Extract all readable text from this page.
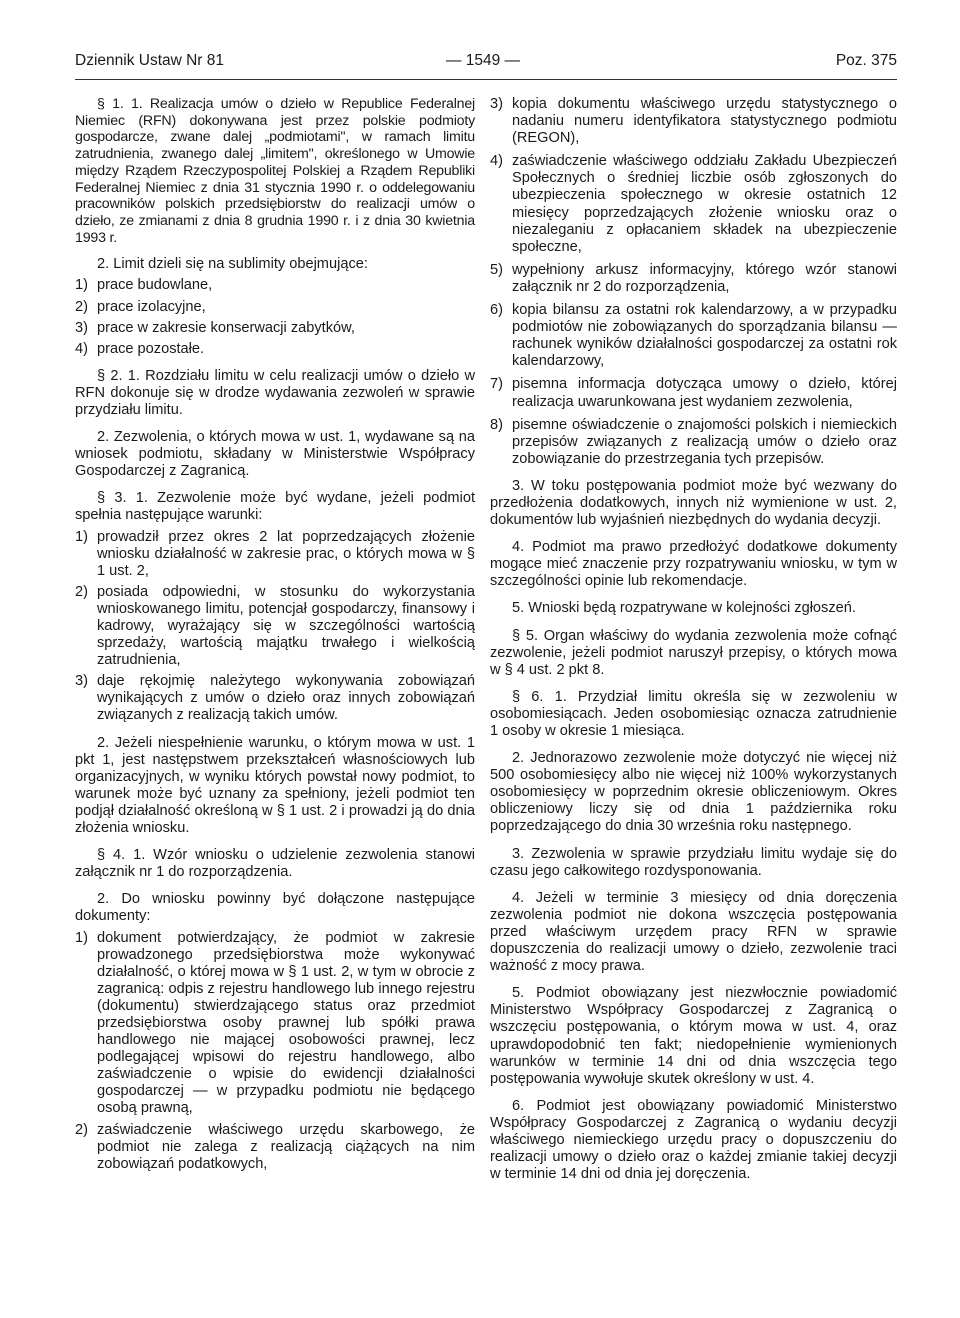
Dziennik Ustaw Nr 81	— 1549 —	Poz. 375

§ 1. 1. Realizacja umów o dzieło w Republice Federalnej Niemiec (RFN) dokonywana jest przez polskie podmioty gospodarcze, zwane dalej „podmiotami", w ramach limitu zatrudnienia, zwanego dalej „limitem", określonego w Umowie między Rządem Rzeczypospolitej Polskiej a Rządem Republiki Federalnej Niemiec z dnia 31 stycznia 1990 r. o oddelegowaniu pracowników polskich przedsiębiorstw do realizacji umów o dzieło, ze zmianami z dnia 8 grudnia 1990 r. i z dnia 30 kwietnia 1993 r.

2. Limit dzieli się na sublimity obejmujące:

1) prace budowlane,
2) prace izolacyjne,
3) prace w zakresie konserwacji zabytków,
4) prace pozostałe.

§ 2. 1. Rozdziału limitu w celu realizacji umów o dzieło w RFN dokonuje się w drodze wydawania zezwoleń w sprawie przydziału limitu.

2. Zezwolenia, o których mowa w ust. 1, wydawane są na wniosek podmiotu, składany w Ministerstwie Współpracy Gospodarczej z Zagranicą.

§ 3. 1. Zezwolenie może być wydane, jeżeli podmiot spełnia następujące warunki:

1) prowadził przez okres 2 lat poprzedzających złożenie wniosku działalność w zakresie prac, o których mowa w § 1 ust. 2,
2) posiada odpowiedni, w stosunku do wykorzystania wnioskowanego limitu, potencjał gospodarczy, finansowy i kadrowy, wyrażający się w szczególności wartością sprzedaży, wartością majątku trwałego i wielkością zatrudnienia,
3) daje rękojmię należytego wykonywania zobowiązań wynikających z umów o dzieło oraz innych zobowiązań związanych z realizacją takich umów.

2. Jeżeli niespełnienie warunku, o którym mowa w ust. 1 pkt 1, jest następstwem przekształceń własnościowych lub organizacyjnych, w wyniku których powstał nowy podmiot, to warunek może być uznany za spełniony, jeżeli podmiot ten podjął działalność określoną w § 1 ust. 2 i prowadzi ją do dnia złożenia wniosku.

§ 4. 1. Wzór wniosku o udzielenie zezwolenia stanowi załącznik nr 1 do rozporządzenia.

2. Do wniosku powinny być dołączone następujące dokumenty:

1) dokument potwierdzający, że podmiot w zakresie prowadzonego przedsiębiorstwa może wykonywać działalność, o której mowa w § 1 ust. 2, w tym w obrocie z zagranicą: odpis z rejestru handlowego lub innego rejestru (dokumentu) stwierdzającego status oraz przedmiot przedsiębiorstwa osoby prawnej lub spółki prawa handlowego nie mającej osobowości prawnej, lecz podlegającej wpisowi do rejestru handlowego, albo zaświadczenie o wpisie do ewidencji działalności gospodarczej — w przypadku podmiotu nie będącego osobą prawną,
2) zaświadczenie właściwego urzędu skarbowego, że podmiot nie zalega z realizacją ciążących na nim zobowiązań podatkowych,
3) kopia dokumentu właściwego urzędu statystycznego o nadaniu numeru identyfikatora statystycznego podmiotu (REGON),
4) zaświadczenie właściwego oddziału Zakładu Ubezpieczeń Społecznych o średniej liczbie osób zgłoszonych do ubezpieczenia społecznego w okresie ostatnich 12 miesięcy poprzedzających złożenie wniosku oraz o niezaleganiu z opłacaniem składek na ubezpieczenie społeczne,
5) wypełniony arkusz informacyjny, którego wzór stanowi załącznik nr 2 do rozporządzenia,
6) kopia bilansu za ostatni rok kalendarzowy, a w przypadku podmiotów nie zobowiązanych do sporządzania bilansu — rachunek wyników działalności gospodarczej za ostatni rok kalendarzowy,
7) pisemna informacja dotycząca umowy o dzieło, której realizacja uwarunkowana jest wydaniem zezwolenia,
8) pisemne oświadczenie o znajomości polskich i niemieckich przepisów związanych z realizacją umów o dzieło oraz zobowiązanie do przestrzegania tych przepisów.

3. W toku postępowania podmiot może być wezwany do przedłożenia dodatkowych, innych niż wymienione w ust. 2, dokumentów lub wyjaśnień niezbędnych do wydania decyzji.

4. Podmiot ma prawo przedłożyć dodatkowe dokumenty mogące mieć znaczenie przy rozpatrywaniu wniosku, w tym w szczególności opinie lub rekomendacje.

5. Wnioski będą rozpatrywane w kolejności zgłoszeń.

§ 5. Organ właściwy do wydania zezwolenia może cofnąć zezwolenie, jeżeli podmiot naruszył przepisy, o których mowa w § 4 ust. 2 pkt 8.

§ 6. 1. Przydział limitu określa się w zezwoleniu w osobomiesiącach. Jeden osobomiesiąc oznacza zatrudnienie 1 osoby w okresie 1 miesiąca.

2. Jednorazowo zezwolenie może dotyczyć nie więcej niż 500 osobomiesięcy albo nie więcej niż 100% wykorzystanych osobomiesięcy w poprzednim okresie obliczeniowym. Okres obliczeniowy liczy się od dnia 1 października roku poprzedzającego do dnia 30 września roku następnego.

3. Zezwolenia w sprawie przydziału limitu wydaje się do czasu jego całkowitego rozdysponowania.

4. Jeżeli w terminie 3 miesięcy od dnia doręczenia zezwolenia podmiot nie dokona wszczęcia postępowania przed właściwym urzędem pracy RFN w sprawie dopuszczenia do realizacji umowy o dzieło, zezwolenie traci ważność z mocy prawa.

5. Podmiot obowiązany jest niezwłocznie powiadomić Ministerstwo Współpracy Gospodarczej z Zagranicą o wszczęciu postępowania, o którym mowa w ust. 4, oraz uprawdopodobnić ten fakt; niedopełnienie wymienionych warunków w terminie 14 dni od dnia wszczęcia tego postępowania wywołuje skutek określony w ust. 4.

6. Podmiot jest obowiązany powiadomić Ministerstwo Współpracy Gospodarczej z Zagranicą o wydaniu decyzji właściwego niemieckiego urzędu pracy o dopuszczeniu do realizacji umowy o dzieło oraz o każdej zmianie takiej decyzji w terminie 14 dni od dnia jej doręczenia.
